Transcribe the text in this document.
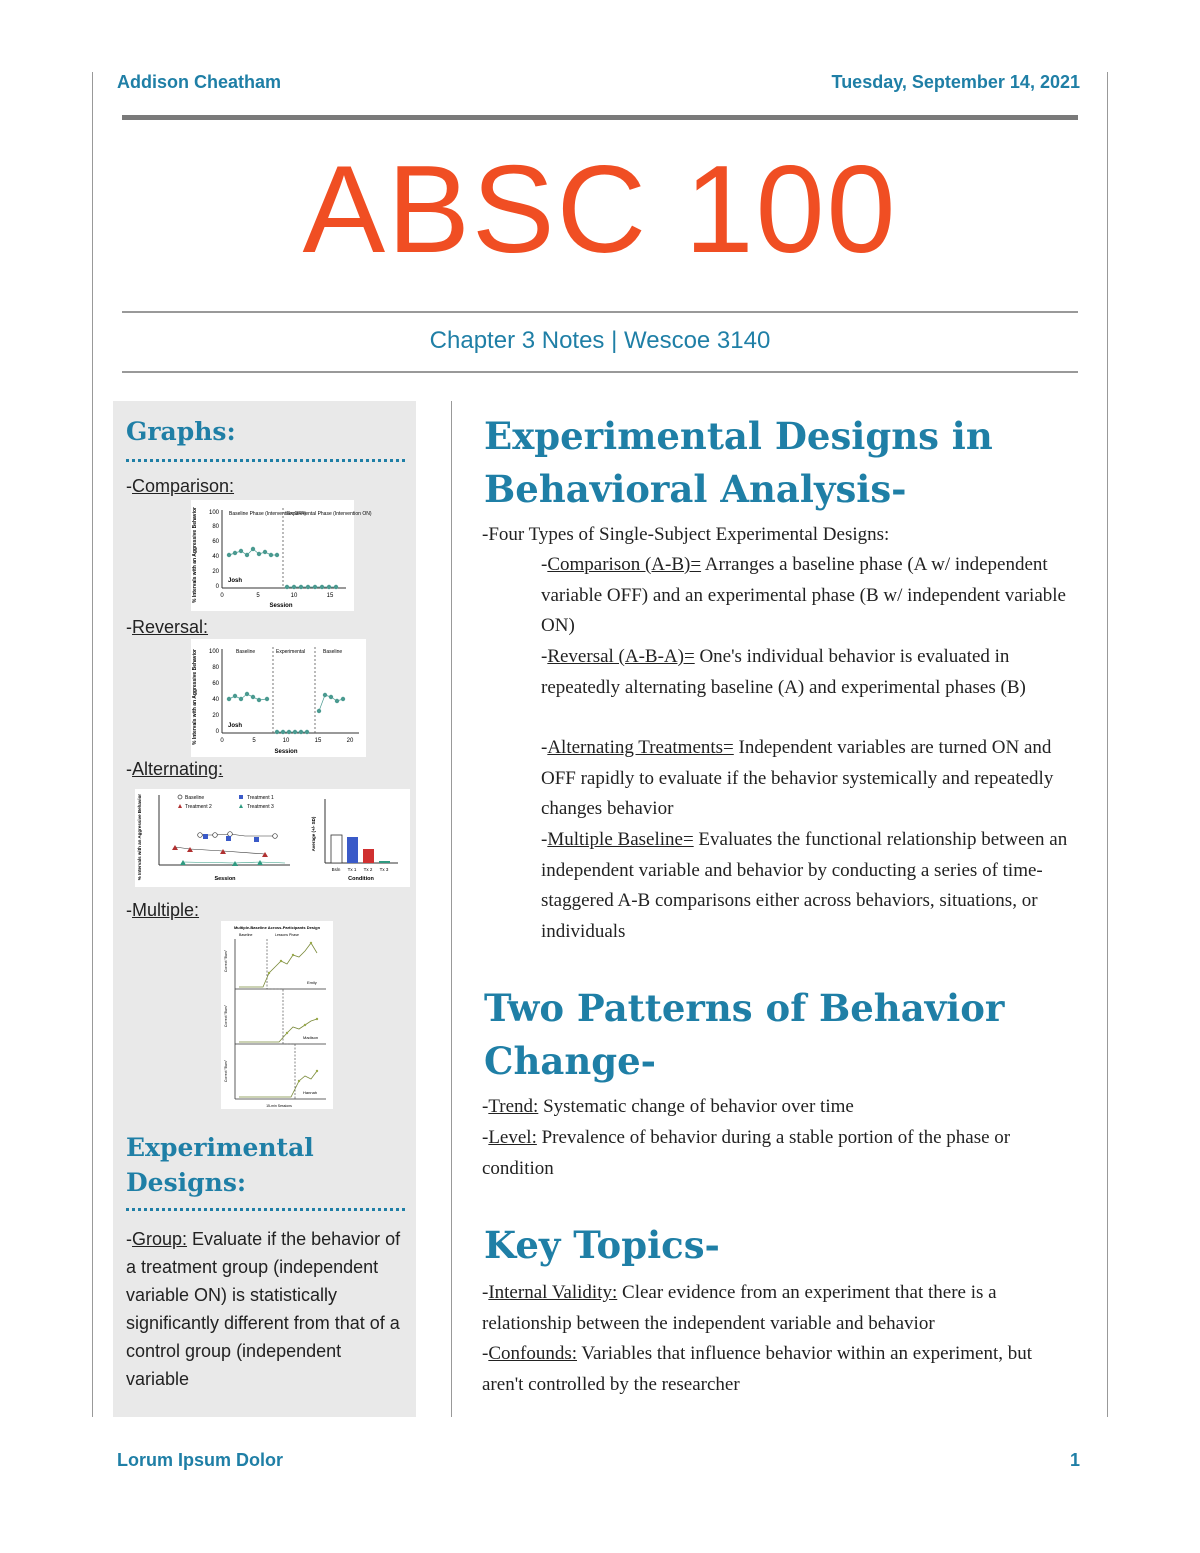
Addison Cheatham	Tuesday, September 14, 2021
ABSC 100
Chapter 3 Notes | Wescoe 3140
Graphs:
-Comparison:
% Intervals with an Aggressive Behavior 100
80
60
40
20
0
Baseline Phase (Intervention OFF)
Experimental Phase (Intervention ON)
Josh
0	5	10	15
Session
-Reversal:
% Intervals with an Aggressive Behavior 100
80
60
40
20
0
Baseline	Experimental	Baseline
Josh
0	5	10	15	20
Session
-Alternating:
% Intervals with an Aggressive Behavior	Baseline	Treatment 1
Treatment 2	Treatment 3
Session
Average (+/- SD)
Bsln Tx 1 Tx 2 Tx 3
Condition
-Multiple:
Multiple-Baseline Across-Participants Design
Baseline	Lessons Phase
Correct "Bars"
Correct "Bars"
Correct "Bars"
Emily
Madison
Hannah
15-min Sessions
Experimental Designs:
-Group: Evaluate if the behavior of a treatment group (independent variable ON) is statistically significantly different from that of a control group (independent variable
Experimental Designs in Behavioral Analysis-
-Four Types of Single-Subject Experimental Designs:
-Comparison (A-B)= Arranges a baseline phase (A w/ independent variable OFF) and an experimental phase (B w/ independent variable ON)
-Reversal (A-B-A)= One's individual behavior is evaluated in repeatedly alternating baseline (A) and experimental phases (B)
-Alternating Treatments= Independent variables are turned ON and OFF rapidly to evaluate if the behavior systemically and repeatedly changes behavior
-Multiple Baseline= Evaluates the functional relationship between an independent variable and behavior by conducting a series of time-staggered A-B comparisons either across behaviors, situations, or individuals
Two Patterns of Behavior Change-
-Trend: Systematic change of behavior over time
-Level: Prevalence of behavior during a stable portion of the phase or condition
Key Topics-
-Internal Validity: Clear evidence from an experiment that there is a relationship between the independent variable and behavior
-Confounds: Variables that influence behavior within an experiment, but aren't controlled by the researcher
Lorum Ipsum Dolor	1
